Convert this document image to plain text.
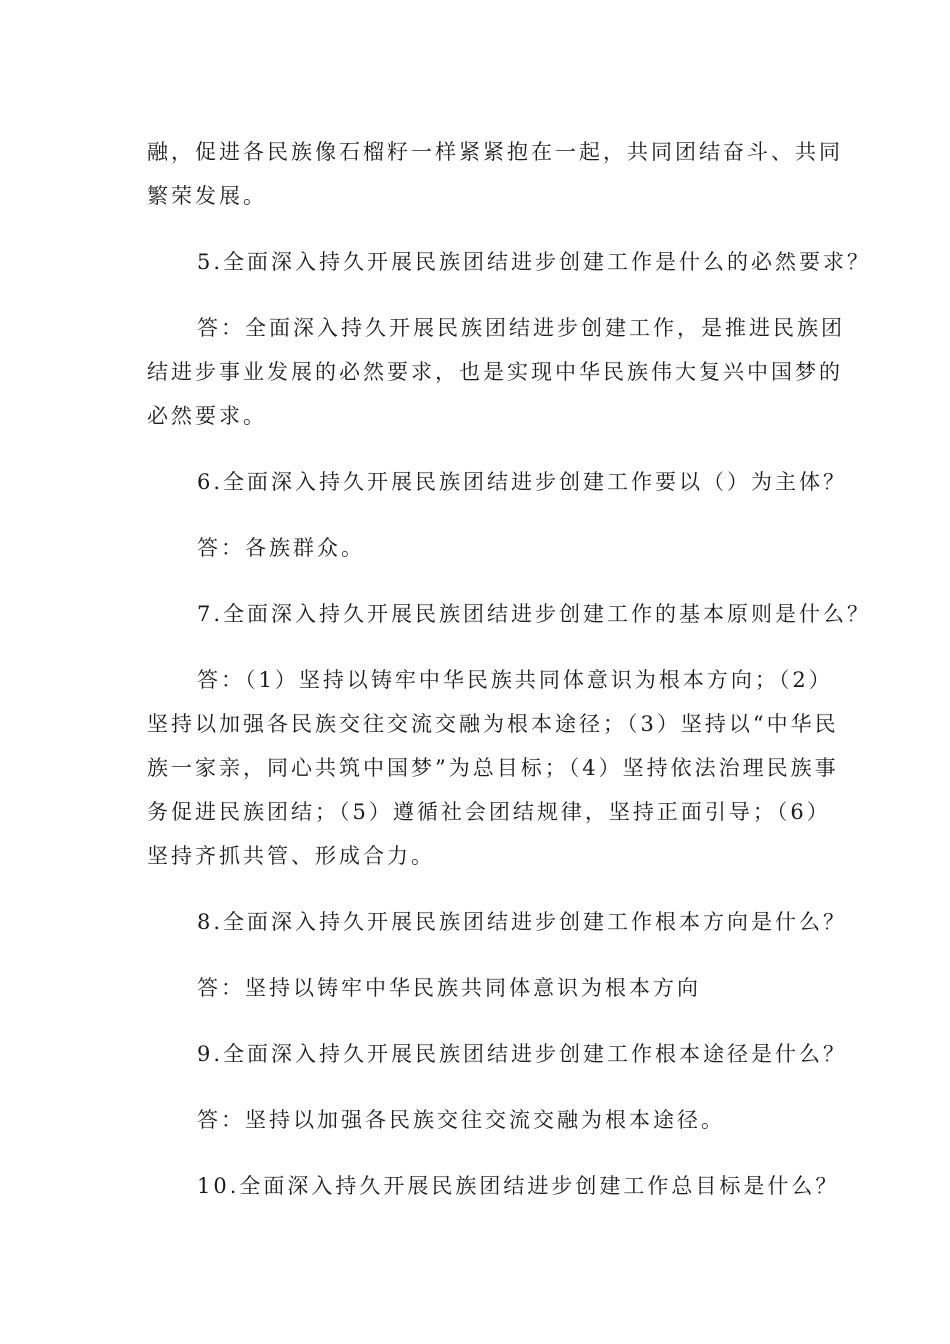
融，促进各民族像石榴籽一样紧紧抱在一起，共同团结奋斗、共同
繁荣发展。
5.全面深入持久开展民族团结进步创建工作是什么的必然要求？
答：全面深入持久开展民族团结进步创建工作，是推进民族团
结进步事业发展的必然要求，也是实现中华民族伟大复兴中国梦的
必然要求。
6.全面深入持久开展民族团结进步创建工作要以（）为主体？
答：各族群众。
7.全面深入持久开展民族团结进步创建工作的基本原则是什么？
答：（1）坚持以铸牢中华民族共同体意识为根本方向；（2）
坚持以加强各民族交往交流交融为根本途径；（3）坚持以“中华民
族一家亲，同心共筑中国梦”为总目标；（4）坚持依法治理民族事
务促进民族团结；（5）遵循社会团结规律，坚持正面引导；（6）
坚持齐抓共管、形成合力。
8.全面深入持久开展民族团结进步创建工作根本方向是什么？
答：坚持以铸牢中华民族共同体意识为根本方向
9.全面深入持久开展民族团结进步创建工作根本途径是什么？
答：坚持以加强各民族交往交流交融为根本途径。
10.全面深入持久开展民族团结进步创建工作总目标是什么？
